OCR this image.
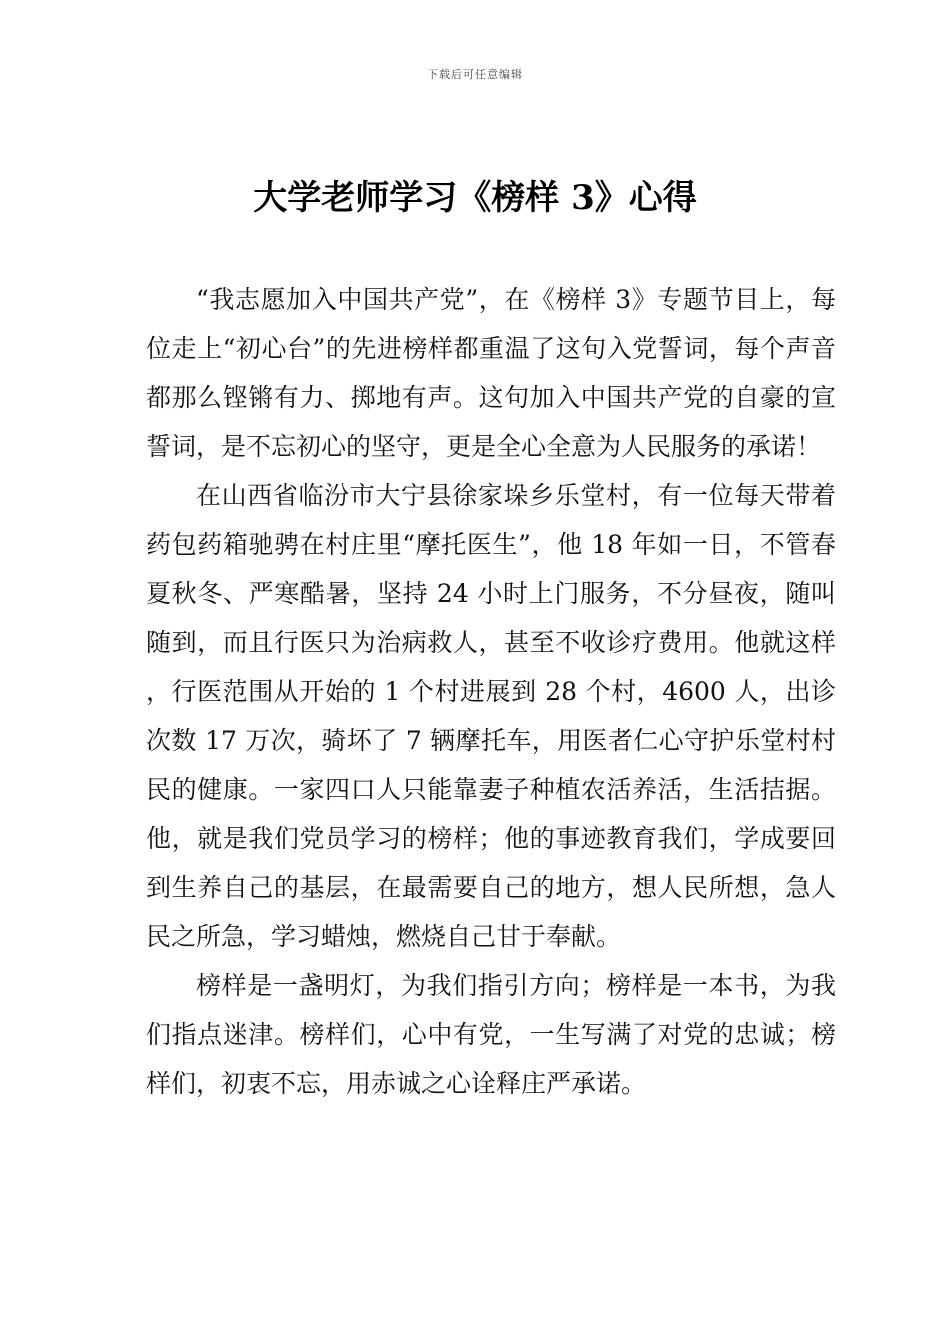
下载后可任意编辑
大学老师学习《榜样 3》心得

“我志愿加入中国共产党”，在《榜样 3》专题节目上，每位走上“初心台”的先进榜样都重温了这句入党誓词，每个声音都那么铿锵有力、掷地有声。这句加入中国共产党的自豪的宣誓词，是不忘初心的坚守，更是全心全意为人民服务的承诺！

在山西省临汾市大宁县徐家垛乡乐堂村，有一位每天带着药包药箱驰骋在村庄里“摩托医生”，他 18 年如一日，不管春夏秋冬、严寒酷暑，坚持 24 小时上门服务，不分昼夜，随叫随到，而且行医只为治病救人，甚至不收诊疗费用。他就这样，行医范围从开始的 1 个村进展到 28 个村，4600 人，出诊次数 17 万次，骑坏了 7 辆摩托车，用医者仁心守护乐堂村村民的健康。一家四口人只能靠妻子种植农活养活，生活拮据。他，就是我们党员学习的榜样；他的事迹教育我们，学成要回到生养自己的基层，在最需要自己的地方，想人民所想，急人民之所急，学习蜡烛，燃烧自己甘于奉献。

榜样是一盏明灯，为我们指引方向；榜样是一本书，为我们指点迷津。榜样们，心中有党，一生写满了对党的忠诚；榜样们，初衷不忘，用赤诚之心诠释庄严承诺。
